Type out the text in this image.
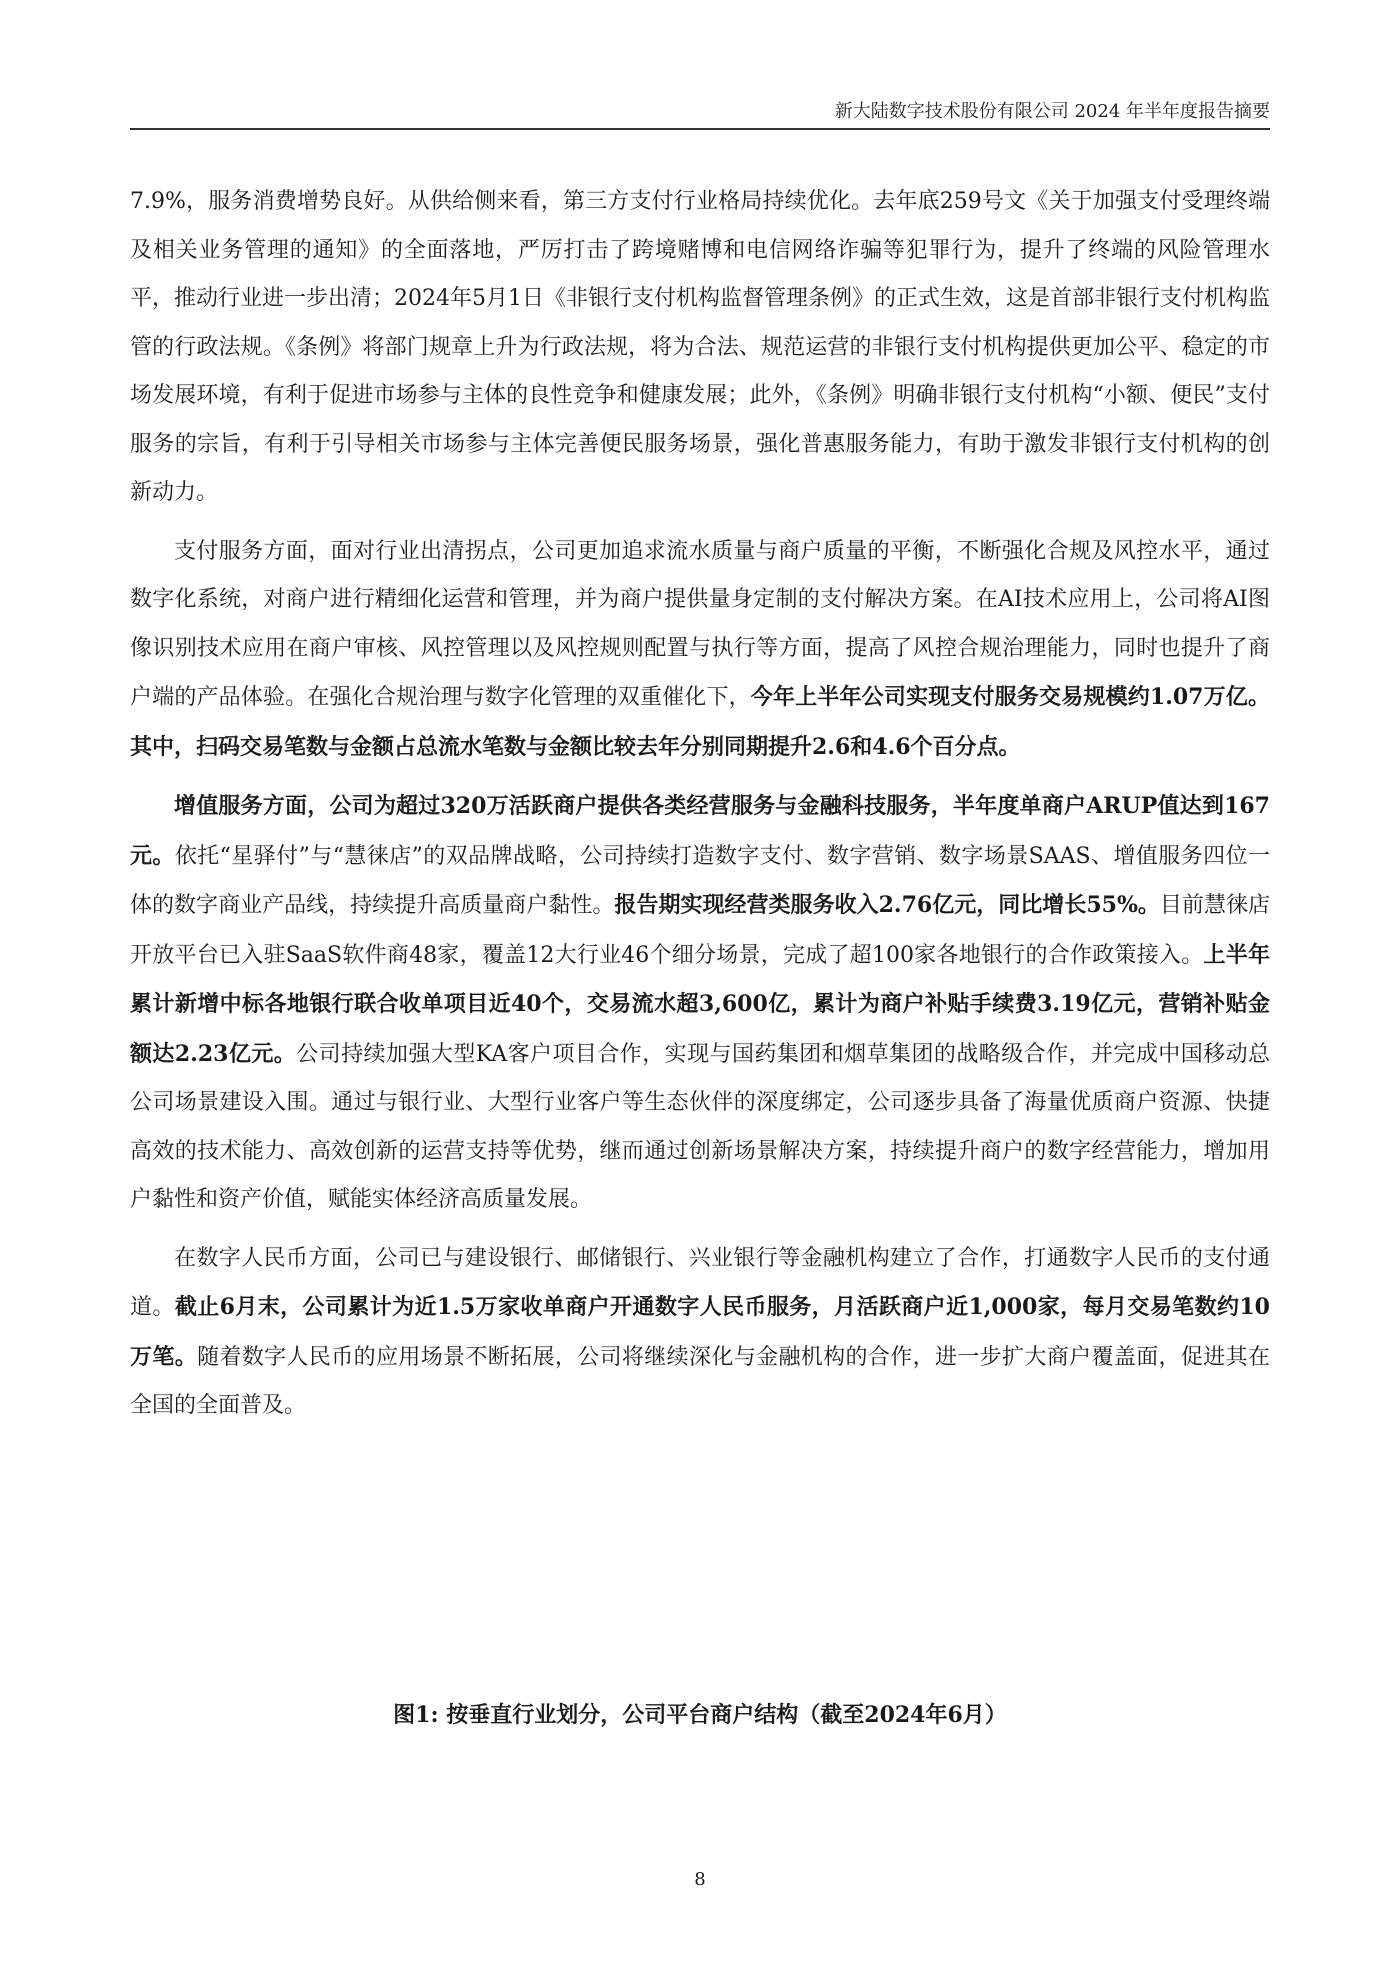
新大陆数字技术股份有限公司 2024 年半年度报告摘要

7.9%，服务消费增势良好。从供给侧来看，第三方支付行业格局持续优化。去年底259号文《关于加强支付受理终端及相关业务管理的通知》的全面落地，严厉打击了跨境赌博和电信网络诈骗等犯罪行为，提升了终端的风险管理水平，推动行业进一步出清；2024年5月1日《非银行支付机构监督管理条例》的正式生效，这是首部非银行支付机构监管的行政法规。《条例》将部门规章上升为行政法规，将为合法、规范运营的非银行支付机构提供更加公平、稳定的市场发展环境，有利于促进市场参与主体的良性竞争和健康发展；此外，《条例》明确非银行支付机构“小额、便民”支付服务的宗旨，有利于引导相关市场参与主体完善便民服务场景，强化普惠服务能力，有助于激发非银行支付机构的创新动力。

支付服务方面，面对行业出清拐点，公司更加追求流水质量与商户质量的平衡，不断强化合规及风控水平，通过数字化系统，对商户进行精细化运营和管理，并为商户提供量身定制的支付解决方案。在AI技术应用上，公司将AI图像识别技术应用在商户审核、风控管理以及风控规则配置与执行等方面，提高了风控合规治理能力，同时也提升了商户端的产品体验。在强化合规治理与数字化管理的双重催化下，今年上半年公司实现支付服务交易规模约1.07万亿。其中，扫码交易笔数与金额占总流水笔数与金额比较去年分别同期提升2.6和4.6个百分点。

增值服务方面，公司为超过320万活跃商户提供各类经营服务与金融科技服务，半年度单商户ARUP值达到167元。依托“星驿付”与“慧徕店”的双品牌战略，公司持续打造数字支付、数字营销、数字场景SAAS、增值服务四位一体的数字商业产品线，持续提升高质量商户黏性。报告期实现经营类服务收入2.76亿元，同比增长55%。目前慧徕店开放平台已入驻SaaS软件商48家，覆盖12大行业46个细分场景，完成了超100家各地银行的合作政策接入。上半年累计新增中标各地银行联合收单项目近40个，交易流水超3,600亿，累计为商户补贴手续费3.19亿元，营销补贴金额达2.23亿元。公司持续加强大型KA客户项目合作，实现与国药集团和烟草集团的战略级合作，并完成中国移动总公司场景建设入围。通过与银行业、大型行业客户等生态伙伴的深度绑定，公司逐步具备了海量优质商户资源、快捷高效的技术能力、高效创新的运营支持等优势，继而通过创新场景解决方案，持续提升商户的数字经营能力，增加用户黏性和资产价值，赋能实体经济高质量发展。

在数字人民币方面，公司已与建设银行、邮储银行、兴业银行等金融机构建立了合作，打通数字人民币的支付通道。截止6月末，公司累计为近1.5万家收单商户开通数字人民币服务，月活跃商户近1,000家，每月交易笔数约10万笔。随着数字人民币的应用场景不断拓展，公司将继续深化与金融机构的合作，进一步扩大商户覆盖面，促进其在全国的全面普及。

图1: 按垂直行业划分，公司平台商户结构（截至2024年6月）
8
